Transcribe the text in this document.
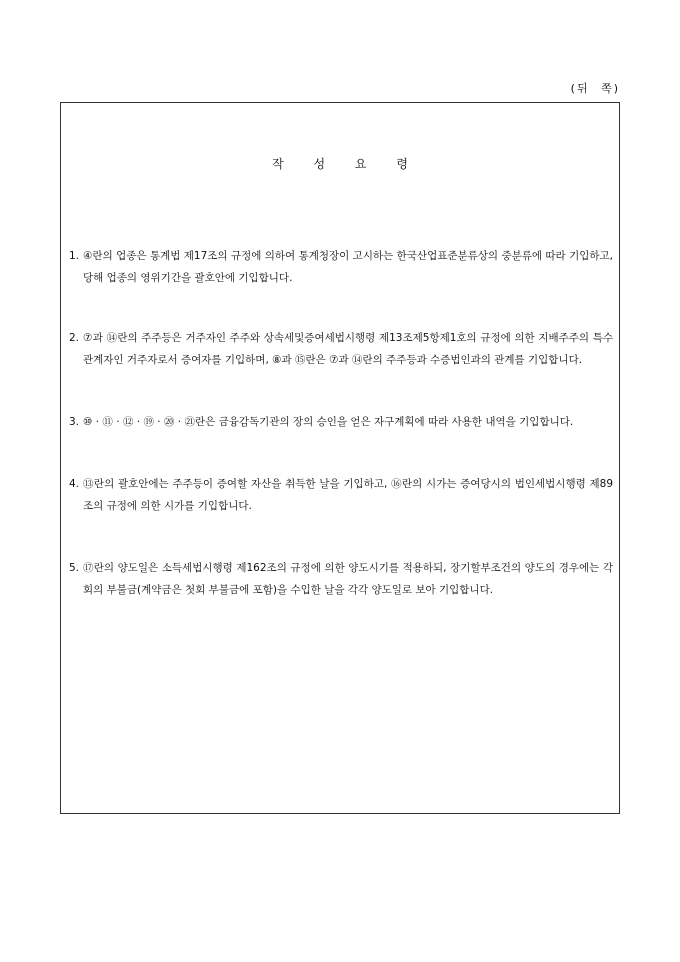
(뒤 쪽)
작 성 요 령
1. ④란의 업종은 통계법 제17조의 규정에 의하여 통계청장이 고시하는 한국산업표준분류상의 중분류에 따라 기입하고, 당해 업종의 영위기간을 괄호안에 기입합니다.
2. ⑦과 ⑭란의 주주등은 거주자인 주주와 상속세및증여세법시행령 제13조제5항제1호의 규정에 의한 지배주주의 특수관계자인 거주자로서 증여자를 기입하며, ⑧과 ⑮란은 ⑦과 ⑭란의 주주등과 수증법인과의 관계를 기입합니다.
3. ⑩ · ⑪ · ⑫ · ⑲ · ⑳ · ㉑란은 금융감독기관의 장의 승인을 얻은 자구계획에 따라 사용한 내역을 기입합니다.
4. ⑬란의 괄호안에는 주주등이 증여할 자산을 취득한 날을 기입하고, ⑯란의 시가는 증여당시의 법인세법시행령 제89조의 규정에 의한 시가를 기입합니다.
5. ⑰란의 양도일은 소득세법시행령 제162조의 규정에 의한 양도시기를 적용하되, 장기할부조건의 양도의 경우에는 각회의 부불금(계약금은 첫회 부불금에 포함)을 수입한 날을 각각 양도일로 보아 기입합니다.
